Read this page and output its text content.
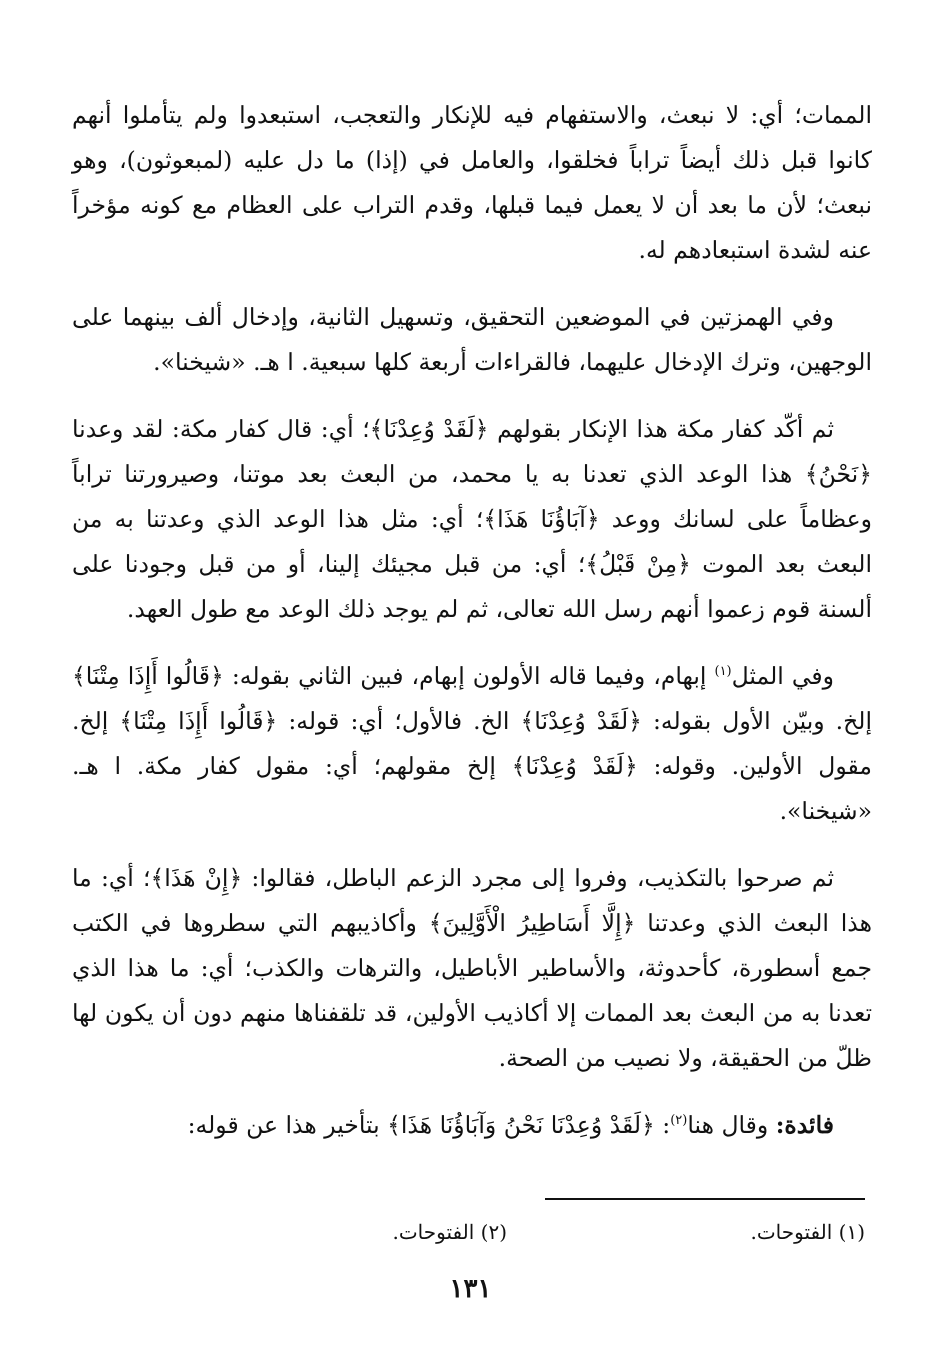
الممات؛ أي: لا نبعث، والاستفهام فيه للإنكار والتعجب، استبعدوا ولم يتأملوا أنهم كانوا قبل ذلك أيضاً تراباً فخلقوا، والعامل في (إذا) ما دل عليه (لمبعوثون)، وهو نبعث؛ لأن ما بعد أن لا يعمل فيما قبلها، وقدم التراب على العظام مع كونه مؤخراً عنه لشدة استبعادهم له.

وفي الهمزتين في الموضعين التحقيق، وتسهيل الثانية، وإدخال ألف بينهما على الوجهين، وترك الإدخال عليهما، فالقراءات أربعة كلها سبعية. ا هـ. «شيخنا».

ثم أكّد كفار مكة هذا الإنكار بقولهم ﴿لَقَدْ وُعِدْنَا﴾؛ أي: قال كفار مكة: لقد وعدنا ﴿نَحْنُ﴾ هذا الوعد الذي تعدنا به يا محمد، من البعث بعد موتنا، وصيرورتنا تراباً وعظاماً على لسانك ووعد ﴿آبَاؤُنَا هَذَا﴾؛ أي: مثل هذا الوعد الذي وعدتنا به من البعث بعد الموت ﴿مِنْ قَبْلُ﴾؛ أي: من قبل مجيئك إلينا، أو من قبل وجودنا على ألسنة قوم زعموا أنهم رسل الله تعالى، ثم لم يوجد ذلك الوعد مع طول العهد.

وفي المثل$^{(١)}$ إبهام، وفيما قاله الأولون إبهام، فبين الثاني بقوله: ﴿قَالُوا أَإِذَا مِتْنَا﴾ إلخ. وبيّن الأول بقوله: ﴿لَقَدْ وُعِدْنَا﴾ الخ. فالأول؛ أي: قوله: ﴿قَالُوا أَإِذَا مِتْنَا﴾ إلخ. مقول الأولين. وقوله: ﴿لَقَدْ وُعِدْنَا﴾ إلخ مقولهم؛ أي: مقول كفار مكة. ا هـ. «شيخنا».

ثم صرحوا بالتكذيب، وفروا إلى مجرد الزعم الباطل، فقالوا: ﴿إِنْ هَذَا﴾؛ أي: ما هذا البعث الذي وعدتنا ﴿إِلَّا أَسَاطِيرُ الْأَوَّلِينَ﴾ وأكاذيبهم التي سطروها في الكتب جمع أسطورة، كأحدوثة، والأساطير الأباطيل، والترهات والكذب؛ أي: ما هذا الذي تعدنا به من البعث بعد الممات إلا أكاذيب الأولين، قد تلقفناها منهم دون أن يكون لها ظلّ من الحقيقة، ولا نصيب من الصحة.

فائدة: وقال هنا$^{(٢)}$: ﴿لَقَدْ وُعِدْنَا نَحْنُ وَآبَاؤُنَا هَذَا﴾ بتأخير هذا عن قوله:

(١) الفتوحات.
(٢) الفتوحات.
١٣١
